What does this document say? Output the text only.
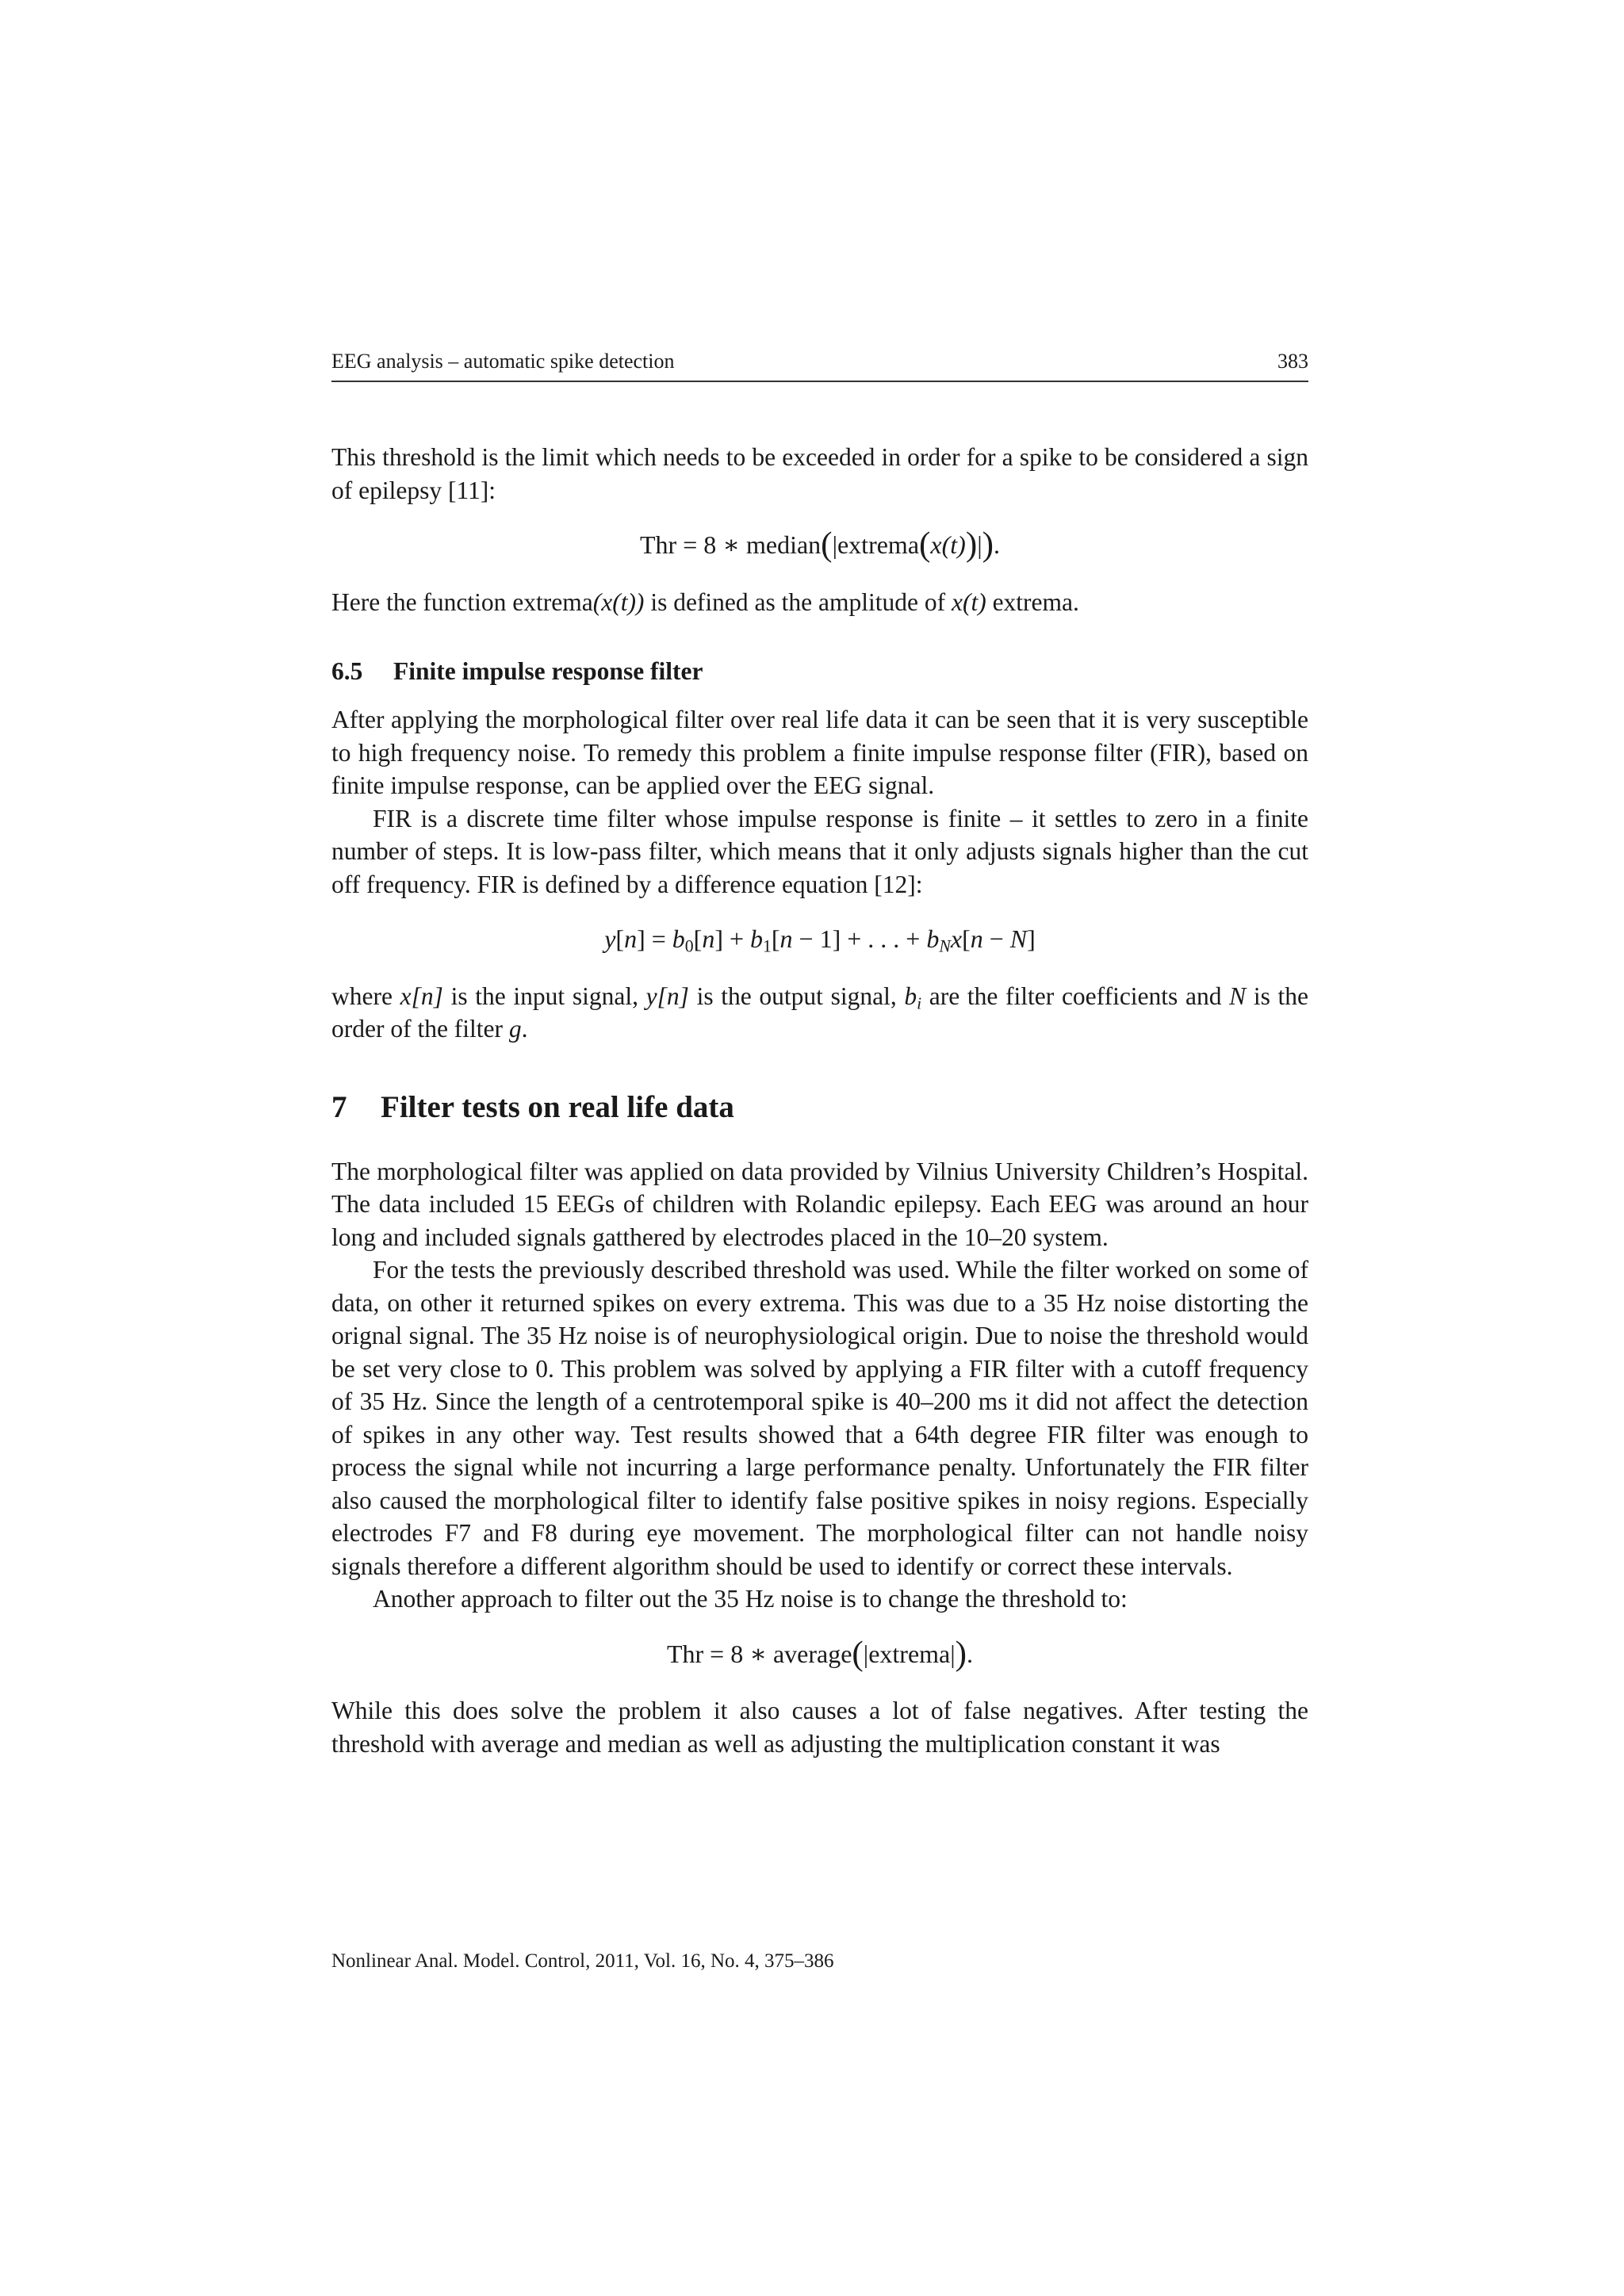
EEG analysis – automatic spike detection	383

This threshold is the limit which needs to be exceeded in order for a spike to be considered a sign of epilepsy [11]:

Thr = 8 ∗ median(|extrema(x(t))|).

Here the function extrema(x(t)) is defined as the amplitude of x(t) extrema.

6.5 Finite impulse response filter

After applying the morphological filter over real life data it can be seen that it is very susceptible to high frequency noise. To remedy this problem a finite impulse response filter (FIR), based on finite impulse response, can be applied over the EEG signal.

FIR is a discrete time filter whose impulse response is finite – it settles to zero in a finite number of steps. It is low-pass filter, which means that it only adjusts signals higher than the cut off frequency. FIR is defined by a difference equation [12]:

$y[n] = b_0[n] + b_1[n - 1]$ + . . . + $b_Nx[n - N]$

where x[n] is the input signal, y[n] is the output signal, $b_i$ are the filter coefficients and N is the order of the filter g.

7 Filter tests on real life data

The morphological filter was applied on data provided by Vilnius University Children’s Hospital. The data included 15 EEGs of children with Rolandic epilepsy. Each EEG was around an hour long and included signals gatthered by electrodes placed in the 10–20 system.

For the tests the previously described threshold was used. While the filter worked on some of data, on other it returned spikes on every extrema. This was due to a 35 Hz noise distorting the orignal signal. The 35 Hz noise is of neurophysiological origin. Due to noise the threshold would be set very close to 0. This problem was solved by applying a FIR filter with a cutoff frequency of 35 Hz. Since the length of a centrotemporal spike is 40–200 ms it did not affect the detection of spikes in any other way. Test results showed that a 64th degree FIR filter was enough to process the signal while not incurring a large performance penalty. Unfortunately the FIR filter also caused the morphological filter to identify false positive spikes in noisy regions. Especially electrodes F7 and F8 during eye movement. The morphological filter can not handle noisy signals therefore a different algorithm should be used to identify or correct these intervals.

Another approach to filter out the 35 Hz noise is to change the threshold to:

Thr = 8 ∗ average(|extrema|).

While this does solve the problem it also causes a lot of false negatives. After testing the threshold with average and median as well as adjusting the multiplication constant it was

Nonlinear Anal. Model. Control, 2011, Vol. 16, No. 4, 375–386
